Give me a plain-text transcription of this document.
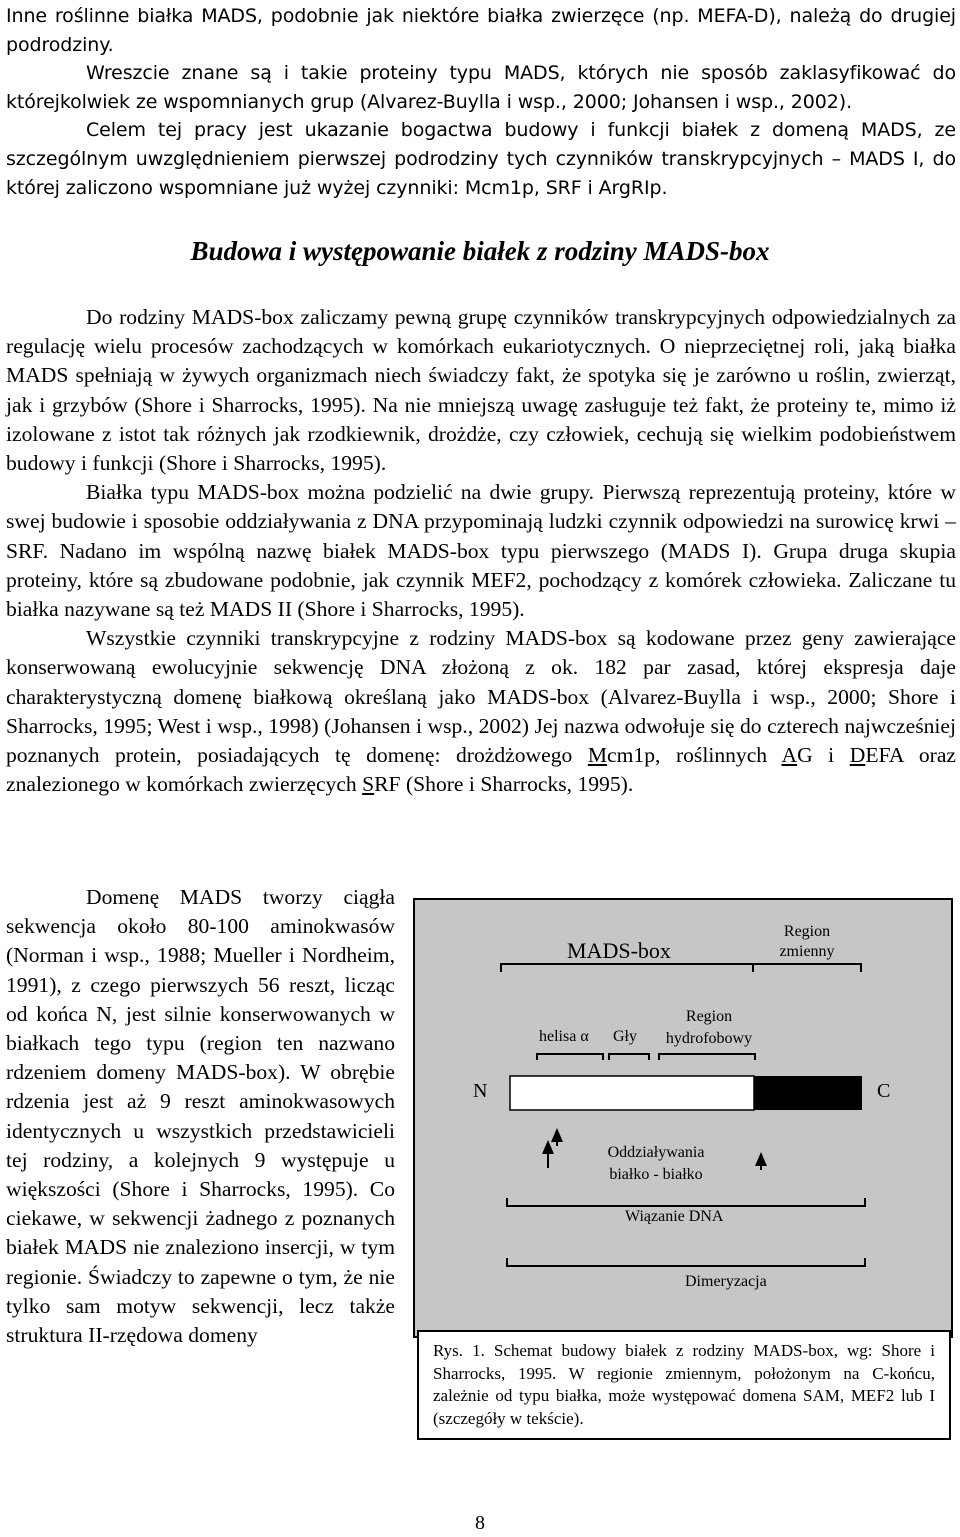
Inne roślinne białka MADS, podobnie jak niektóre białka zwierzęce (np. MEFA-D), należą do drugiej podrodziny.

Wreszcie znane są i takie proteiny typu MADS, których nie sposób zaklasyfikować do którejkolwiek ze wspomnianych grup (Alvarez-Buylla i wsp., 2000; Johansen i wsp., 2002).

Celem tej pracy jest ukazanie bogactwa budowy i funkcji białek z domeną MADS, ze szczególnym uwzględnieniem pierwszej podrodziny tych czynników transkrypcyjnych – MADS I, do której zaliczono wspomniane już wyżej czynniki: Mcm1p, SRF i ArgRIp.

Budowa i występowanie białek z rodziny MADS-box

Do rodziny MADS-box zaliczamy pewną grupę czynników transkrypcyjnych odpowiedzialnych za regulację wielu procesów zachodzących w komórkach eukariotycznych. O nieprzeciętnej roli, jaką białka MADS spełniają w żywych organizmach niech świadczy fakt, że spotyka się je zarówno u roślin, zwierząt, jak i grzybów (Shore i Sharrocks, 1995). Na nie mniejszą uwagę zasługuje też fakt, że proteiny te, mimo iż izolowane z istot tak różnych jak rzodkiewnik, drożdże, czy człowiek, cechują się wielkim podobieństwem budowy i funkcji (Shore i Sharrocks, 1995).

Białka typu MADS-box można podzielić na dwie grupy. Pierwszą reprezentują proteiny, które w swej budowie i sposobie oddziaływania z DNA przypominają ludzki czynnik odpowiedzi na surowicę krwi – SRF. Nadano im wspólną nazwę białek MADS-box typu pierwszego (MADS I). Grupa druga skupia proteiny, które są zbudowane podobnie, jak czynnik MEF2, pochodzący z komórek człowieka. Zaliczane tu białka nazywane są też MADS II (Shore i Sharrocks, 1995).

Wszystkie czynniki transkrypcyjne z rodziny MADS-box są kodowane przez geny zawierające konserwowaną ewolucyjnie sekwencję DNA złożoną z ok. 182 par zasad, której ekspresja daje charakterystyczną domenę białkową określaną jako MADS-box (Alvarez-Buylla i wsp., 2000; Shore i Sharrocks, 1995; West i wsp., 1998) (Johansen i wsp., 2002) Jej nazwa odwołuje się do czterech najwcześniej poznanych protein, posiadających tę domenę: drożdżowego Mcm1p, roślinnych AG i DEFA oraz znalezionego w komórkach zwierzęcych SRF (Shore i Sharrocks, 1995).

Domenę MADS tworzy ciągła sekwencja około 80-100 aminokwasów (Norman i wsp., 1988; Mueller i Nordheim, 1991), z czego pierwszych 56 reszt, licząc od końca N, jest silnie konserwowanych w białkach tego typu (region ten nazwano rdzeniem domeny MADS-box). W obrębie rdzenia jest aż 9 reszt aminokwasowych identycznych u wszystkich przedstawicieli tej rodziny, a kolejnych 9 występuje u większości (Shore i Sharrocks, 1995). Co ciekawe, w sekwencji żadnego z poznanych białek MADS nie znaleziono insercji, w tym regionie. Świadczy to zapewne o tym, że nie tylko sam motyw sekwencji, lecz także struktura II-rzędowa domeny
MADS-box
Region
zmienny
helisa α Gły
Region
hydrofobowy
N	C
Oddziaływania
białko - białko
Wiązanie DNA
Dimeryzacja
Rys. 1. Schemat budowy białek z rodziny MADS-box, wg: Shore i Sharrocks, 1995. W regionie zmiennym, położonym na C-końcu, zależnie od typu białka, może występować domena SAM, MEF2 lub I (szczegóły w tekście).
8
